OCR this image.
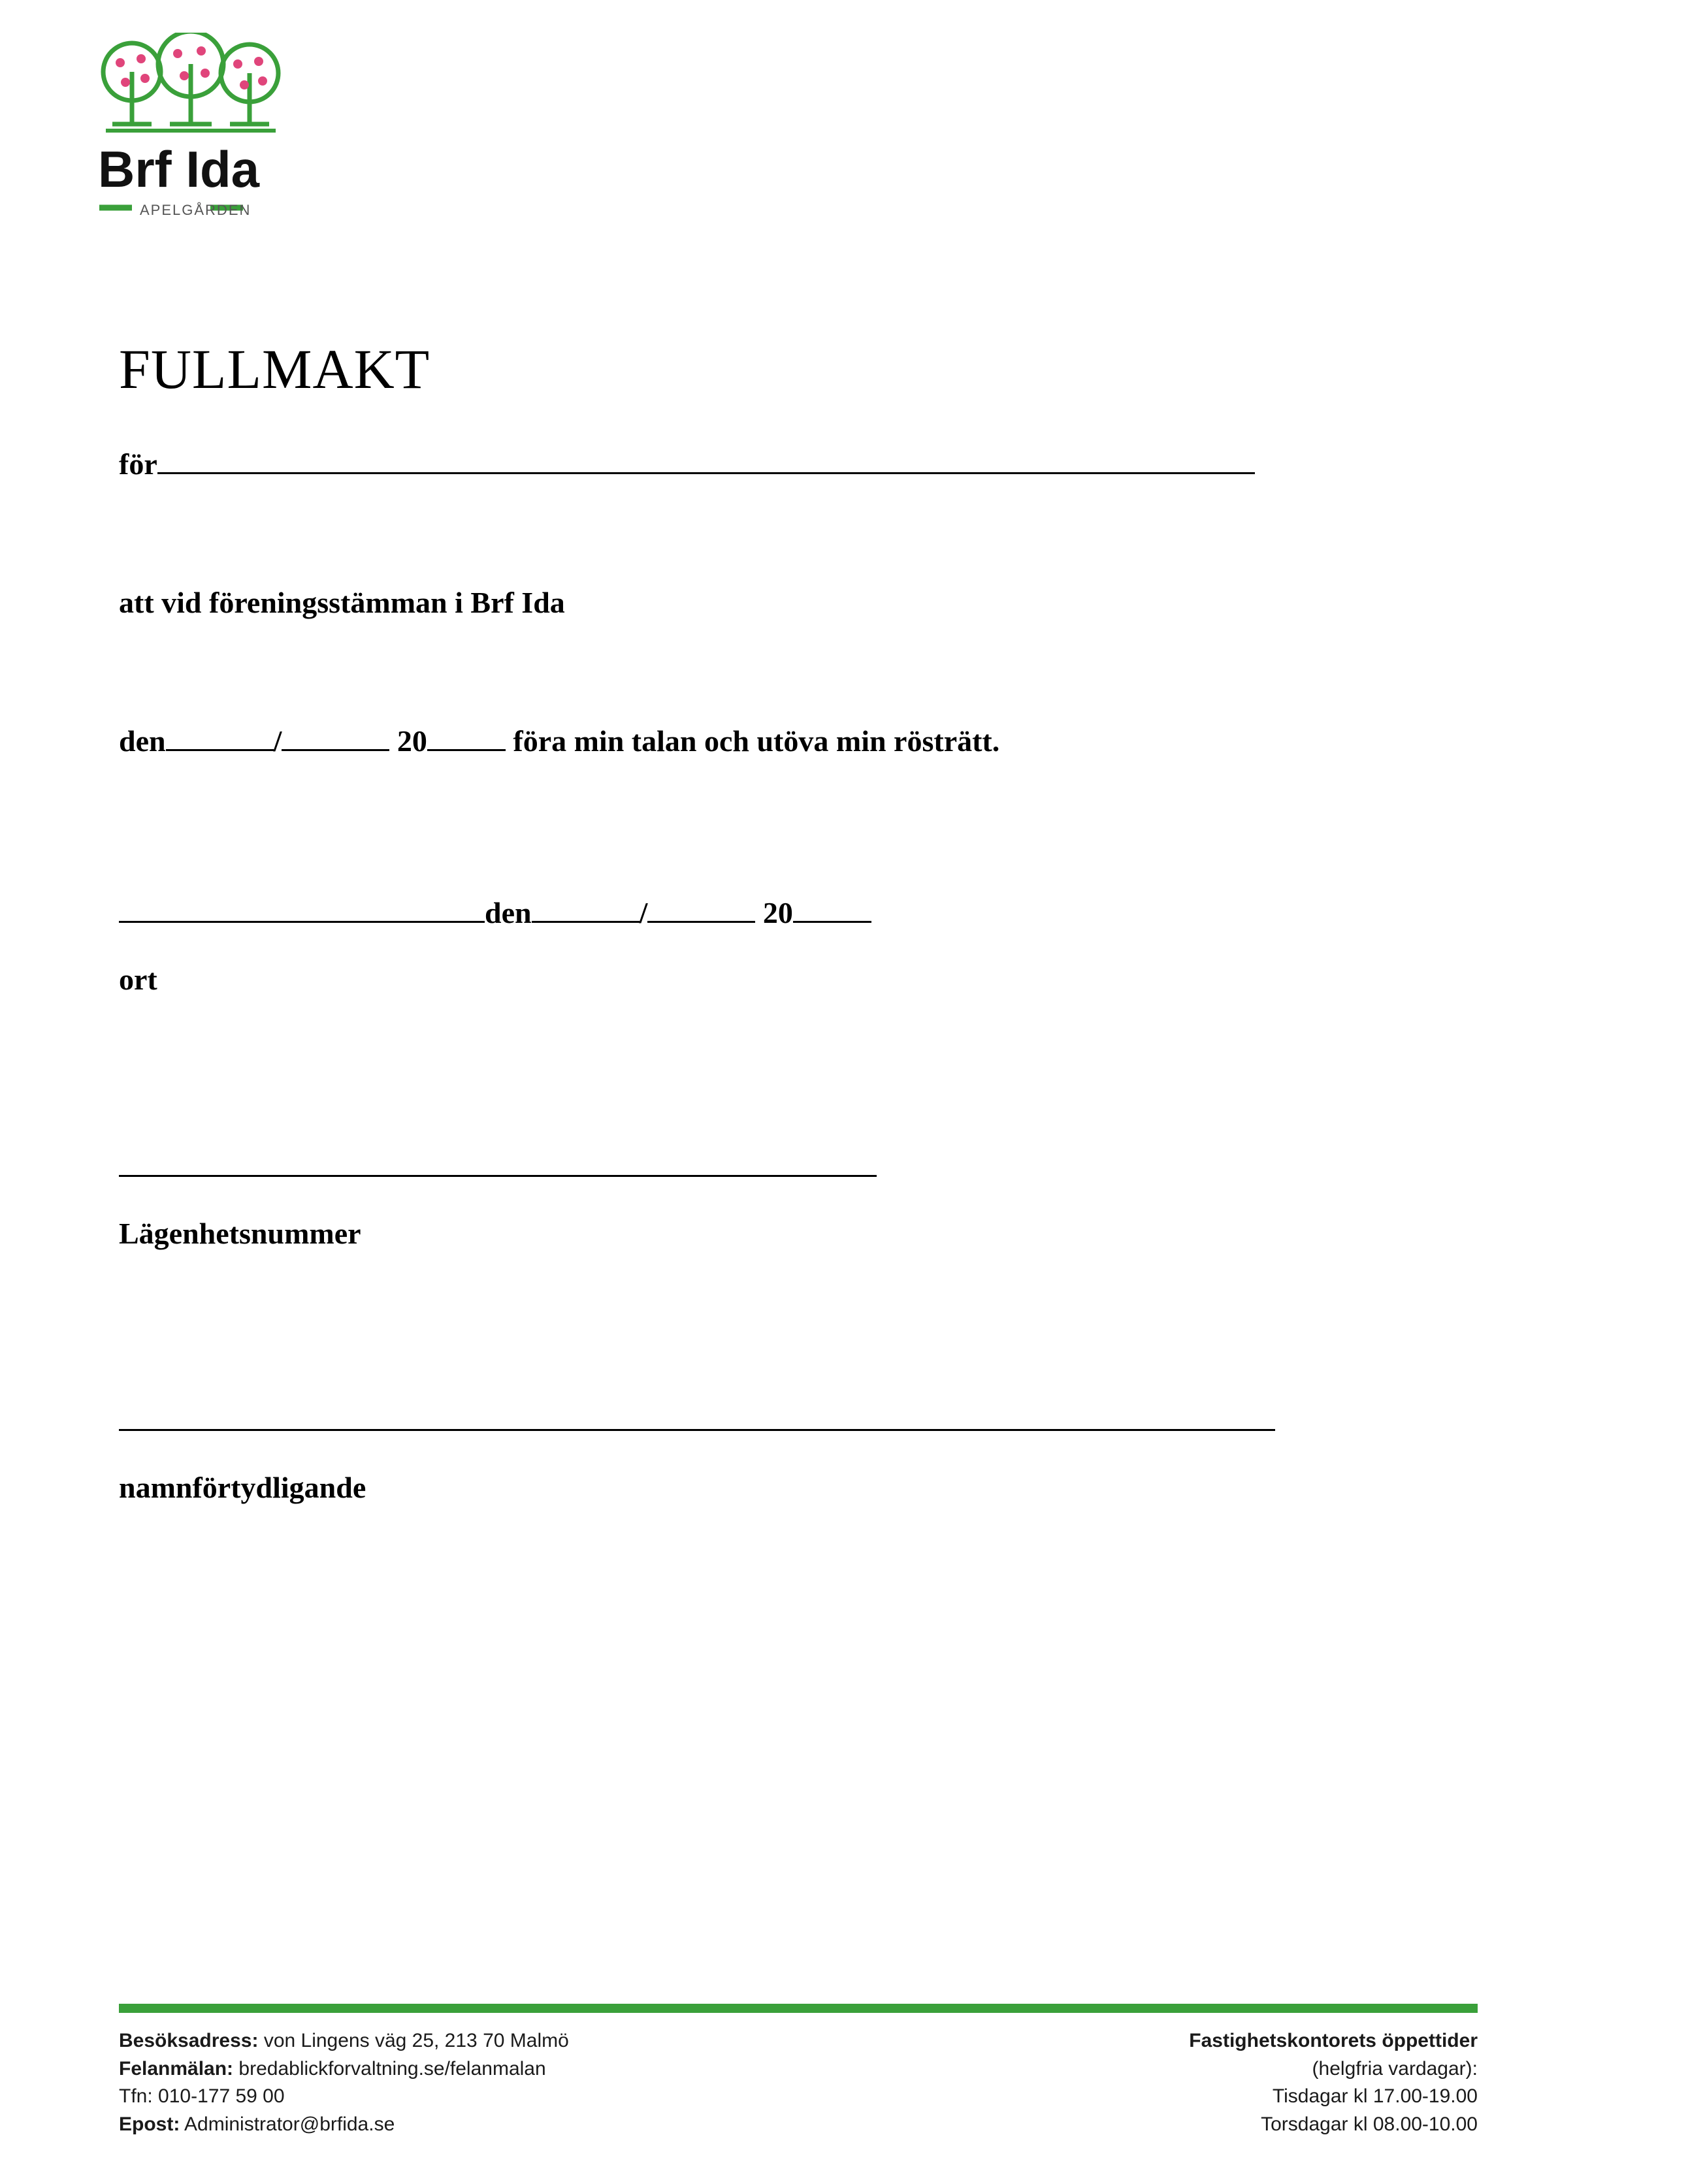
Brf Ida
APELGÅRDEN
FULLMAKT
för
att vid föreningsstämman i Brf Ida
den	/	20	föra min talan och utöva min rösträtt.
den	/	20
ort
Lägenhetsnummer
namnförtydligande
Besöksadress: von Lingens väg 25, 213 70 Malmö
Felanmälan: bredablickforvaltning.se/felanmalan
Tfn: 010-177 59 00
Epost: Administrator@brfida.se
Fastighetskontorets öppettider
(helgfria vardagar):
Tisdagar kl 17.00-19.00
Torsdagar kl 08.00-10.00
